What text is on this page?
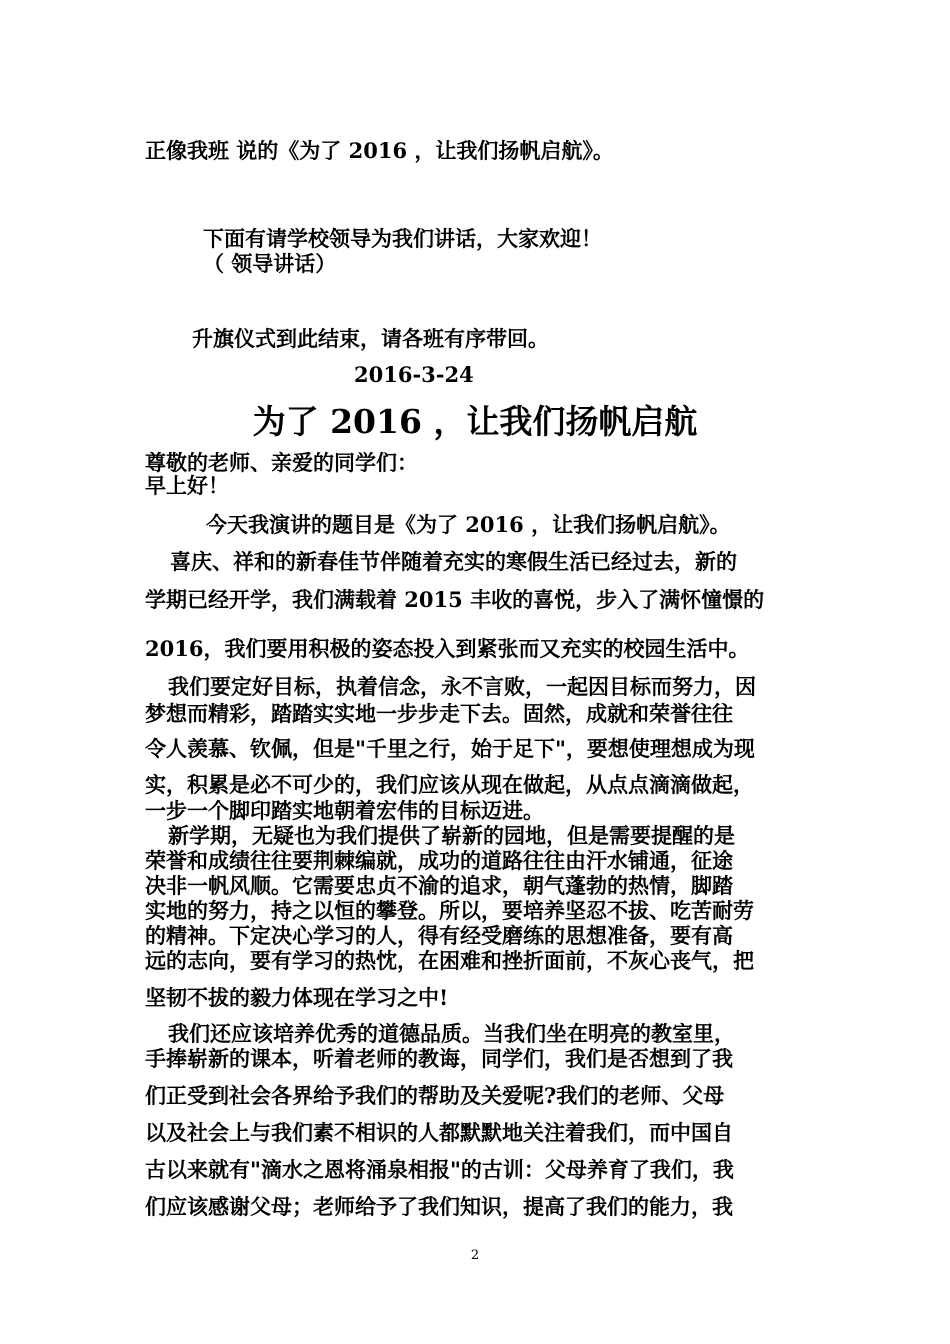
正像我班 说的《为了 2016 ，让我们扬帆启航》。
下面有请学校领导为我们讲话，大家欢迎！
（ 领导讲话）
升旗仪式到此结束，请各班有序带回。
2016-3-24
为了 2016 ，让我们扬帆启航
尊敬的老师、亲爱的同学们：
早上好！
今天我演讲的题目是《为了 2016 ，让我们扬帆启航》。
喜庆、祥和的新春佳节伴随着充实的寒假生活已经过去，新的
学期已经开学，我们满载着 2015 丰收的喜悦，步入了满怀憧憬的
2016，我们要用积极的姿态投入到紧张而又充实的校园生活中。
我们要定好目标，执着信念，永不言败，一起因目标而努力，因
梦想而精彩，踏踏实实地一步步走下去。固然，成就和荣誉往往
令人羡慕、钦佩，但是"千里之行，始于足下"，要想使理想成为现
实，积累是必不可少的，我们应该从现在做起，从点点滴滴做起，
一步一个脚印踏实地朝着宏伟的目标迈进。
新学期，无疑也为我们提供了崭新的园地，但是需要提醒的是
荣誉和成绩往往要荆棘编就，成功的道路往往由汗水铺通，征途
决非一帆风顺。它需要忠贞不渝的追求，朝气蓬勃的热情，脚踏
实地的努力，持之以恒的攀登。所以，要培养坚忍不拔、吃苦耐劳
的精神。下定决心学习的人，得有经受磨练的思想准备，要有高
远的志向，要有学习的热忱，在困难和挫折面前，不灰心丧气，把
坚韧不拔的毅力体现在学习之中!
我们还应该培养优秀的道德品质。当我们坐在明亮的教室里，
手捧崭新的课本，听着老师的教诲，同学们，我们是否想到了我
们正受到社会各界给予我们的帮助及关爱呢?我们的老师、父母
以及社会上与我们素不相识的人都默默地关注着我们，而中国自
古以来就有"滴水之恩将涌泉相报"的古训：父母养育了我们，我
们应该感谢父母；老师给予了我们知识，提高了我们的能力，我
2
